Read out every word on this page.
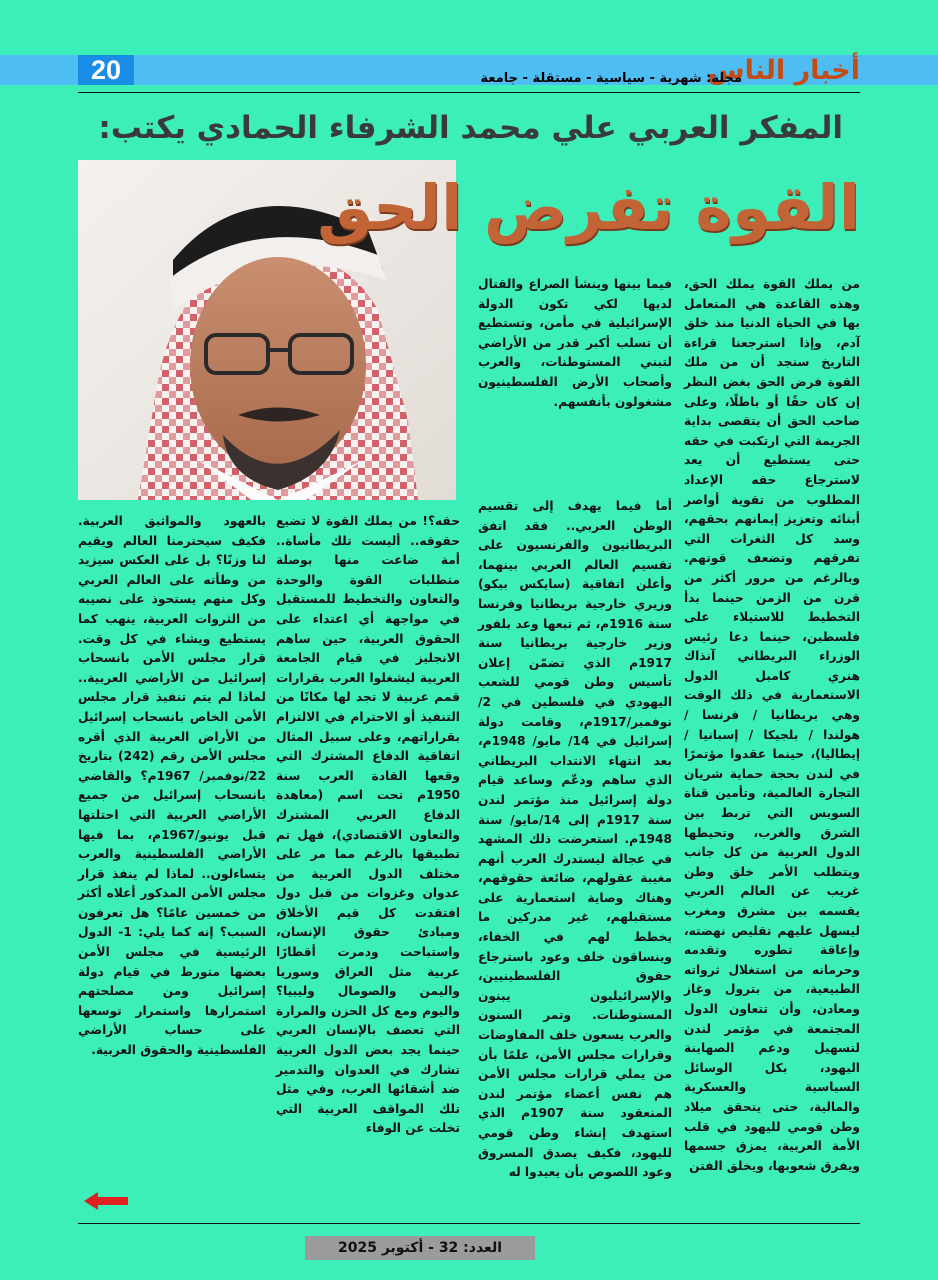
20	أخبار الناس
مجلة: شهرية - سياسية - مستقلة - جامعة
المفكر العربي علي محمد الشرفاء الحمادي يكتب:
القوة تفرض الحق

من يملك القوة يملك الحق، وهذه القاعدة هي المتعامل بها في الحياة الدنيا منذ خلق آدم، وإذا استرجعنا قراءة التاريخ سنجد أن من ملك القوة فرض الحق بغض النظر إن كان حقًا أو باطلًا، وعلى صاحب الحق أن يتقصى بداية الجريمة التي ارتكبت في حقه حتى يستطيع أن يعد لاسترجاع حقه الإعداد المطلوب من تقوية أواصر أبنائه وتعزيز إيمانهم بحقهم، وسد كل الثغرات التي تفرقهم وتضعف قوتهم. وبالرغم من مرور أكثر من قرن من الزمن حينما بدأ التخطيط للاستيلاء على فلسطين، حينما دعا رئيس الوزراء البريطاني آنذاك هنري كامبل الدول الاستعمارية في ذلك الوقت وهي بريطانيا / فرنسا / هولندا / بلجيكا / إسبانيا / إيطاليا)، حينما عقدوا مؤتمرًا في لندن بحجة حماية شريان التجارة العالمية، وتأمين قناة السويس التي تربط بين الشرق والغرب، وتحيطها الدول العربية من كل جانب ويتطلب الأمر خلق وطن غريب عن العالم العربي يقسمه بين مشرق ومغرب ليسهل عليهم تقليص نهضته، وإعاقة تطوره وتقدمه وحرمانه من استغلال ثرواته الطبيعية، من بترول وغاز ومعادن، وأن تتعاون الدول المجتمعة في مؤتمر لندن لتسهيل ودعم الصهاينة اليهود، بكل الوسائل السياسية والعسكرية والمالية، حتى يتحقق ميلاد وطن قومي لليهود في قلب الأمة العربية، يمزق جسمها ويفرق شعوبها، ويخلق الفتن

فيما بينها وينشأ الصراع والقتال لديها لكي تكون الدولة الإسرائيلية في مأمن، وتستطيع أن تسلب أكبر قدر من الأراضي لتبني المستوطنات، والعرب وأصحاب الأرض الفلسطينيون مشغولون بأنفسهم.

أما فيما يهدف إلى تقسيم الوطن العربي.. فقد اتفق البريطانيون والفرنسيون على تقسيم العالم العربي بينهما، وأعلن اتفاقية (سايكس بيكو) وزيري خارجية بريطانيا وفرنسا سنة 1916م، ثم تبعها وعد بلفور وزير خارجية بريطانيا سنة 1917م الذي تضمّن إعلان تأسيس وطن قومي للشعب اليهودي في فلسطين في 2/ نوفمبر/1917م، وقامت دولة إسرائيل في 14/ مايو/ 1948م، بعد انتهاء الانتداب البريطاني الذي ساهم ودعّم وساعد قيام دولة إسرائيل منذ مؤتمر لندن سنة 1917م إلى 14/مايو/ سنة 1948م. استعرضت ذلك المشهد في عجالة ليستدرك العرب أنهم مغيبة عقولهم، ضائعة حقوقهم، وهناك وصاية استعمارية على مستقبلهم، غير مدركين ما يخطط لهم في الخفاء، وينساقون خلف وعود باسترجاع حقوق الفلسطينيين، والإسرائيليون يبنون المستوطنات. وتمر السنون والعرب يسعون خلف المفاوضات وقرارات مجلس الأمن، علمًا بأن من يملي قرارات مجلس الأمن هم نفس أعضاء مؤتمر لندن المنعقود سنة 1907م الذي استهدف إنشاء وطن قومي لليهود، فكيف يصدق المسروق وعود اللصوص بأن يعيدوا له

حقه؟! من يملك القوة لا تضيع حقوقه.. أليست تلك مأساة.. أمة ضاعت منها بوصلة متطلبات القوة والوحدة والتعاون والتخطيط للمستقبل في مواجهة أي اعتداء على الحقوق العربية، حين ساهم الانجليز في قيام الجامعة العربية ليشغلوا العرب بقرارات قمم عربية لا تجد لها مكانًا من التنفيذ أو الاحترام في الالتزام بقراراتهم، وعلى سبيل المثال اتفاقية الدفاع المشترك التي وقعها القادة العرب سنة 1950م تحت اسم (معاهدة الدفاع العربي المشترك والتعاون الاقتصادي)، فهل تم تطبيقها بالرغم مما مر على مختلف الدول العربية من عدوان وغزوات من قبل دول افتقدت كل قيم الأخلاق ومبادئ حقوق الإنسان، واستباحت ودمرت أقطارًا عربية مثل العراق وسوريا واليمن والصومال وليبيا؟ واليوم ومع كل الحزن والمرارة التي تعصف بالإنسان العربي حينما يجد بعض الدول العربية تشارك في العدوان والتدمير ضد أشقائها العرب، وفي مثل تلك المواقف العربية التي تخلت عن الوفاء

بالعهود والمواثيق العربية. فكيف سيحترمنا العالم ويقيم لنا وزنًا؟ بل على العكس سيزيد من وطأته على العالم العربي وكل منهم يستحوذ على نصيبه من الثروات العربية، ينهب كما يستطيع ويشاء في كل وقت. قرار مجلس الأمن بانسحاب إسرائيل من الأراضي العربية.. لماذا لم يتم تنفيذ قرار مجلس الأمن الخاص بانسحاب إسرائيل من الأراض العربية الذي أقره مجلس الأمن رقم (242) بتاريخ 22/نوفمبر/ 1967م؟ والقاضي بانسحاب إسرائيل من جميع الأراضي العربية التي احتلتها قبل يونيو/1967م، بما فيها الأراضي الفلسطينية والعرب يتساءلون.. لماذا لم ينفذ قرار مجلس الأمن المذكور أعلاه أكثر من خمسين عامًا؟ هل تعرفون السبب؟ إنه كما يلي: 1- الدول الرئيسية في مجلس الأمن بعضها متورط في قيام دولة إسرائيل ومن مصلحتهم استمرارها واستمرار توسعها على حساب الأراضي الفلسطينية والحقوق العربية.

العدد: 32 - أكتوبر 2025
